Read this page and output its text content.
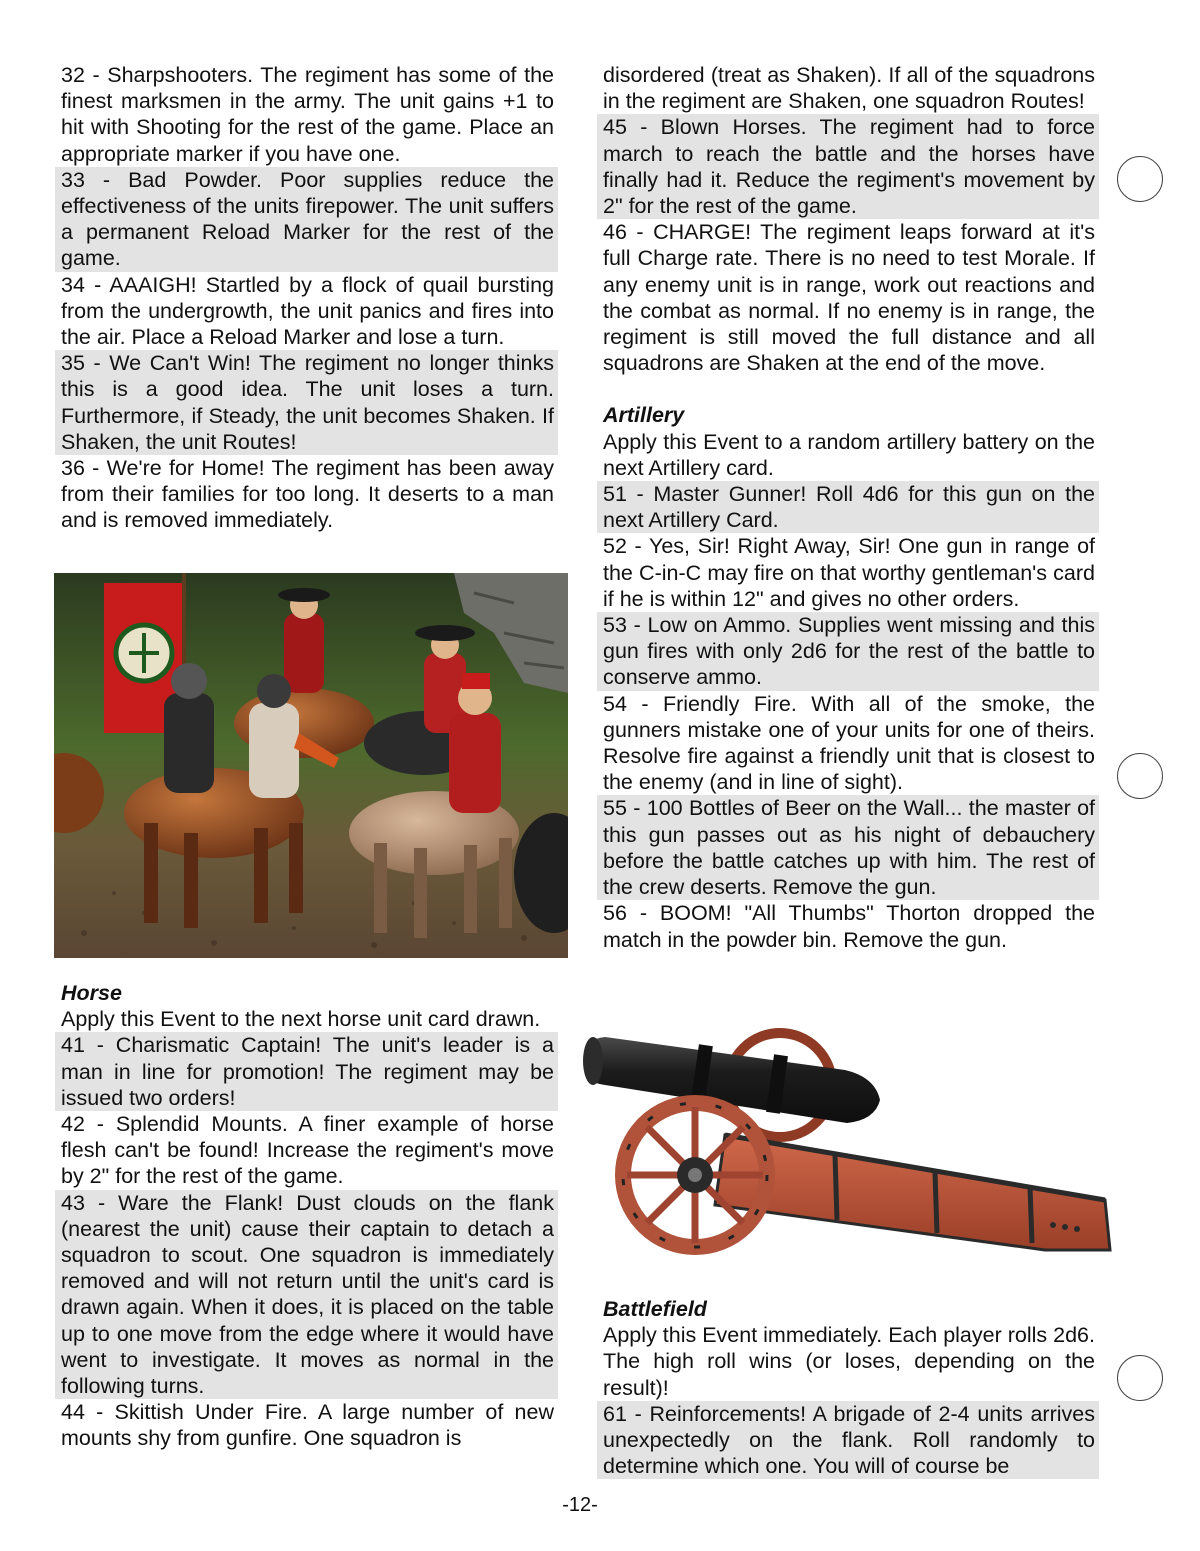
32 - Sharpshooters. The regiment has some of the finest marksmen in the army. The unit gains +1 to hit with Shooting for the rest of the game. Place an appropriate marker if you have one.

33 - Bad Powder. Poor supplies reduce the effectiveness of the units firepower. The unit suffers a permanent Reload Marker for the rest of the game.

34 - AAAIGH! Startled by a flock of quail bursting from the undergrowth, the unit panics and fires into the air. Place a Reload Marker and lose a turn.

35 - We Can't Win! The regiment no longer thinks this is a good idea. The unit loses a turn. Furthermore, if Steady, the unit becomes Shaken. If Shaken, the unit Routes!

36 - We're for Home! The regiment has been away from their families for too long. It deserts to a man and is removed immediately.

Horse

Apply this Event to the next horse unit card drawn.

41 - Charismatic Captain! The unit's leader is a man in line for promotion! The regiment may be issued two orders!

42 - Splendid Mounts. A finer example of horse flesh can't be found! Increase the regiment's move by 2" for the rest of the game.

43 - Ware the Flank! Dust clouds on the flank (nearest the unit) cause their captain to detach a squadron to scout. One squadron is immediately removed and will not return until the unit's card is drawn again. When it does, it is placed on the table up to one move from the edge where it would have went to investigate. It moves as normal in the following turns.

44 - Skittish Under Fire. A large number of new mounts shy from gunfire. One squadron is

disordered (treat as Shaken). If all of the squadrons in the regiment are Shaken, one squadron Routes!

45 - Blown Horses. The regiment had to force march to reach the battle and the horses have finally had it. Reduce the regiment's movement by 2" for the rest of the game.

46 - CHARGE! The regiment leaps forward at it's full Charge rate. There is no need to test Morale. If any enemy unit is in range, work out reactions and the combat as normal. If no enemy is in range, the regiment is still moved the full distance and all squadrons are Shaken at the end of the move.

Artillery

Apply this Event to a random artillery battery on the next Artillery card.

51 - Master Gunner! Roll 4d6 for this gun on the next Artillery Card.

52 - Yes, Sir! Right Away, Sir! One gun in range of the C-in-C may fire on that worthy gentleman's card if he is within 12" and gives no other orders.

53 - Low on Ammo. Supplies went missing and this gun fires with only 2d6 for the rest of the battle to conserve ammo.

54 - Friendly Fire. With all of the smoke, the gunners mistake one of your units for one of theirs. Resolve fire against a friendly unit that is closest to the enemy (and in line of sight).

55 - 100 Bottles of Beer on the Wall... the master of this gun passes out as his night of debauchery before the battle catches up with him. The rest of the crew deserts. Remove the gun.

56 - BOOM! "All Thumbs" Thorton dropped the match in the powder bin. Remove the gun.

Battlefield

Apply this Event immediately. Each player rolls 2d6. The high roll wins (or loses, depending on the result)!

61 - Reinforcements! A brigade of 2-4 units arrives unexpectedly on the flank. Roll randomly to determine which one. You will of course be

-12-
